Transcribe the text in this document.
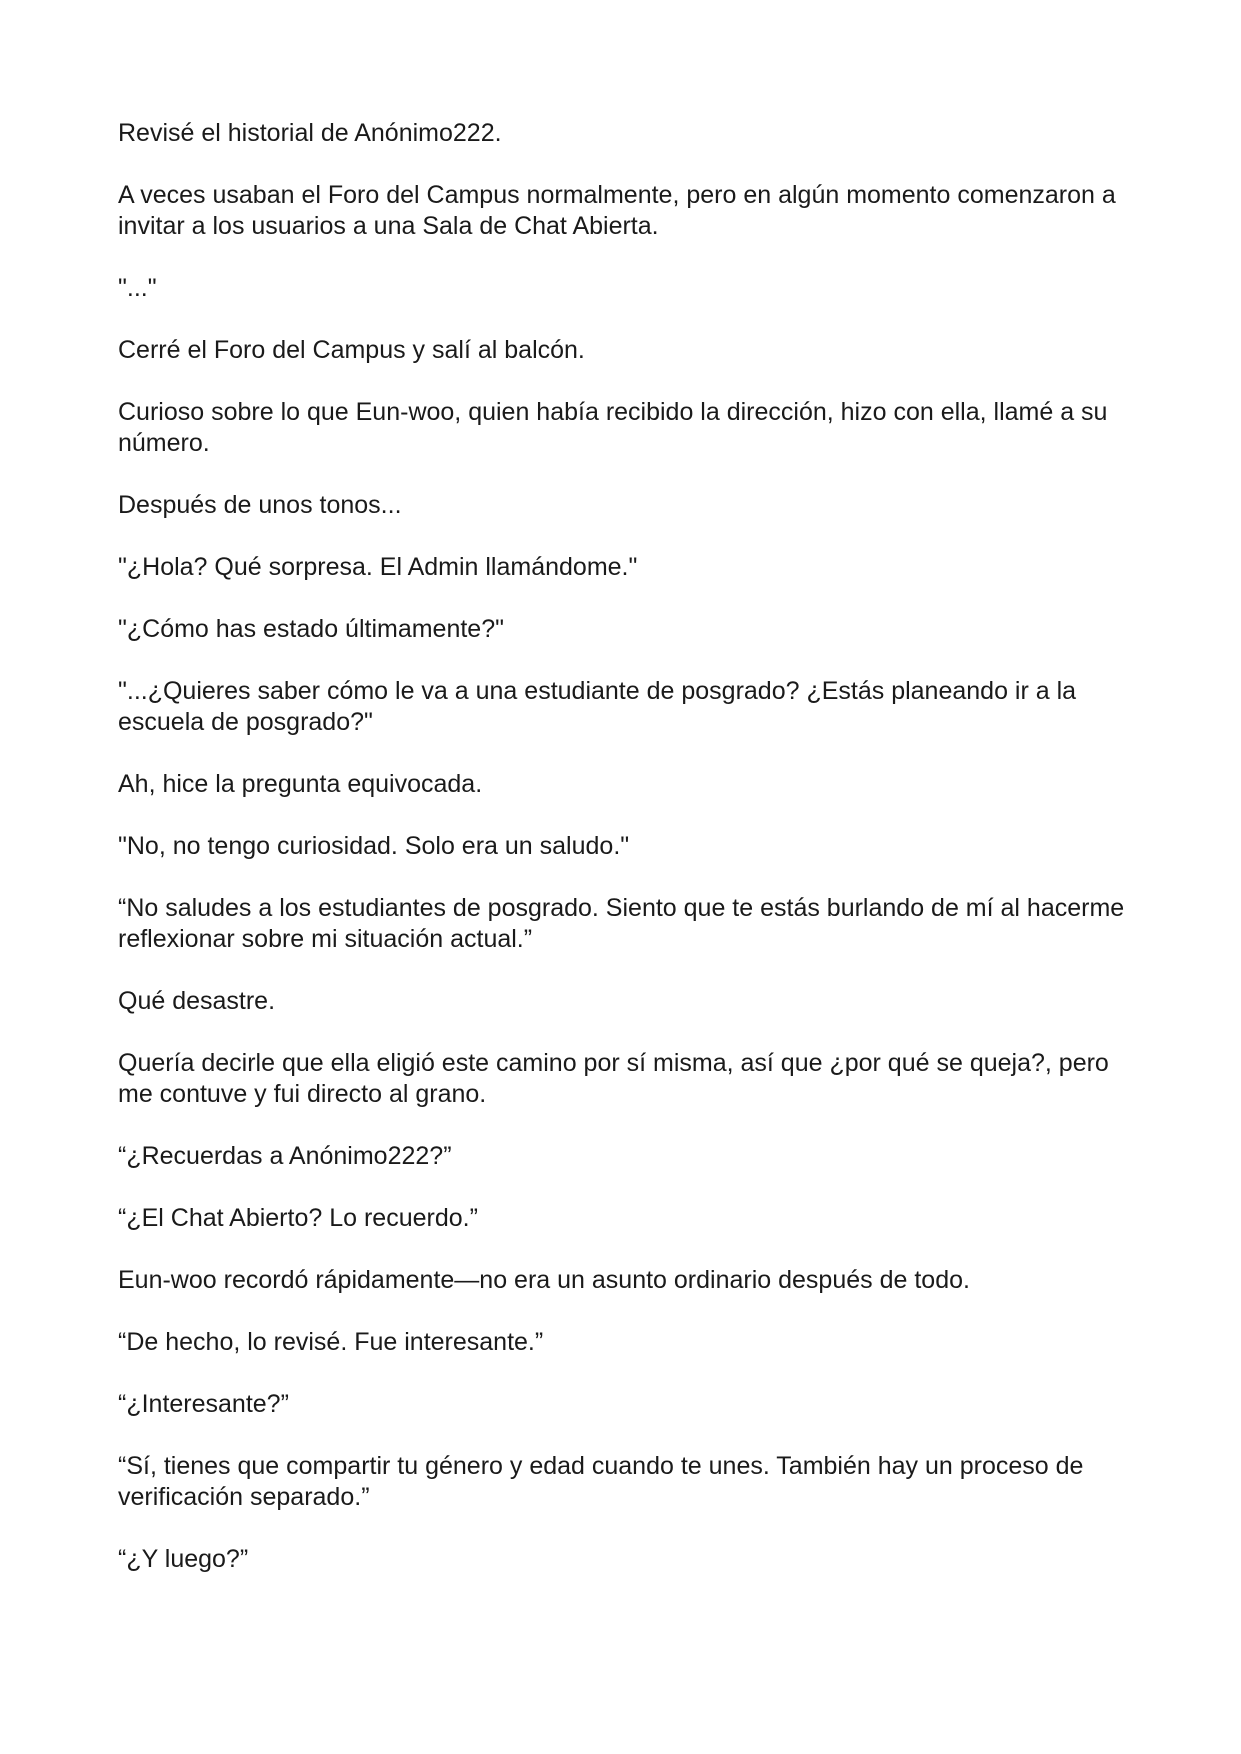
Revisé el historial de Anónimo222.

A veces usaban el Foro del Campus normalmente, pero en algún momento comenzaron a invitar a los usuarios a una Sala de Chat Abierta.

"..."

Cerré el Foro del Campus y salí al balcón.

Curioso sobre lo que Eun-woo, quien había recibido la dirección, hizo con ella, llamé a su número.

Después de unos tonos...

"¿Hola? Qué sorpresa. El Admin llamándome."

"¿Cómo has estado últimamente?"

"...¿Quieres saber cómo le va a una estudiante de posgrado? ¿Estás planeando ir a la escuela de posgrado?"

Ah, hice la pregunta equivocada.

"No, no tengo curiosidad. Solo era un saludo."

“No saludes a los estudiantes de posgrado. Siento que te estás burlando de mí al hacerme reflexionar sobre mi situación actual.”

Qué desastre.

Quería decirle que ella eligió este camino por sí misma, así que ¿por qué se queja?, pero me contuve y fui directo al grano.

“¿Recuerdas a Anónimo222?”

“¿El Chat Abierto? Lo recuerdo.”

Eun-woo recordó rápidamente—no era un asunto ordinario después de todo.

“De hecho, lo revisé. Fue interesante.”

“¿Interesante?”

“Sí, tienes que compartir tu género y edad cuando te unes. También hay un proceso de verificación separado.”

“¿Y luego?”
